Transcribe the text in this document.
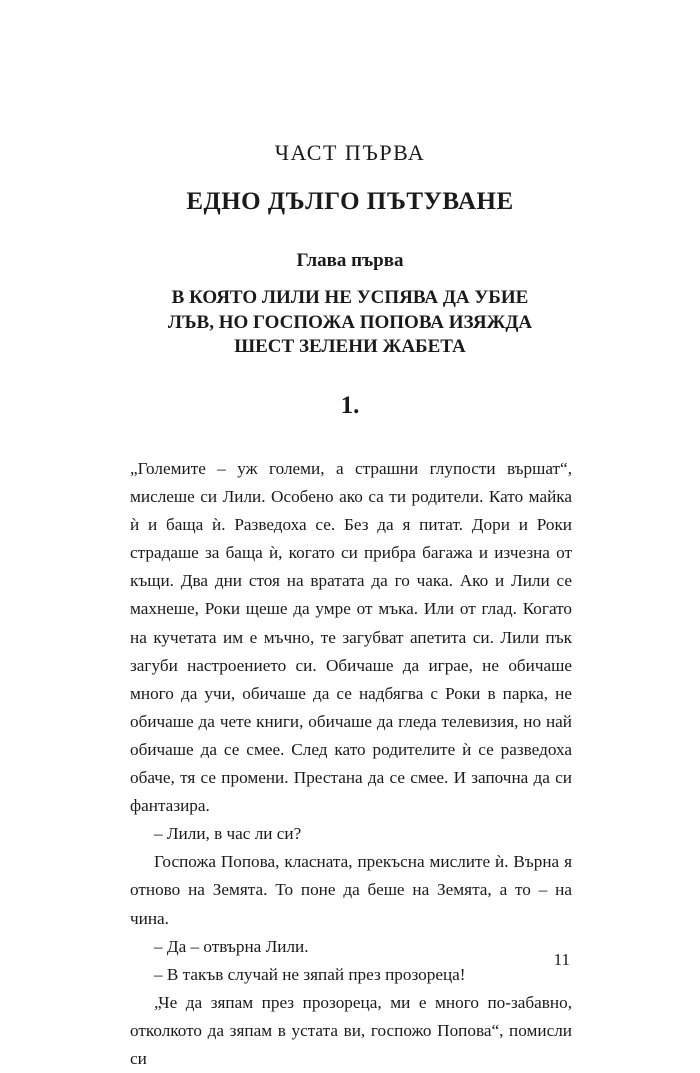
ЧАСТ ПЪРВА
ЕДНО ДЪЛГО ПЪТУВАНЕ
Глава първа
В КОЯТО ЛИЛИ НЕ УСПЯВА ДА УБИЕ
ЛЪВ, НО ГОСПОЖА ПОПОВА ИЗЯЖДА
ШЕСТ ЗЕЛЕНИ ЖАБЕТА
1.

„Големите – уж големи, а страшни глупости вършат“, мислеше си Лили. Особено ако са ти родители. Като майка ѝ и баща ѝ. Разведоха се. Без да я питат. Дори и Роки страдаше за баща ѝ, когато си прибра багажа и изчезна от къщи. Два дни стоя на вратата да го чака. Ако и Лили се махнеше, Роки щеше да умре от мъка. Или от глад. Когато на кучетата им е мъчно, те загубват апетита си. Лили пък загуби настроението си. Обичаше да играе, не обичаше много да учи, обичаше да се надбягва с Роки в парка, не обичаше да чете книги, обичаше да гледа телевизия, но най обичаше да се смее. След като родителите ѝ се разведоха обаче, тя се промени. Престана да се смее. И започна да си фантазира.

– Лили, в час ли си?

Госпожа Попова, класната, прекъсна мислите ѝ. Върна я отново на Земята. То поне да беше на Земята, а то – на чина.

– Да – отвърна Лили.

– В такъв случай не зяпай през прозореца!

„Че да зяпам през прозореца, ми е много по-забавно, отколкото да зяпам в устата ви, госпожо Попова“, помисли си

11
